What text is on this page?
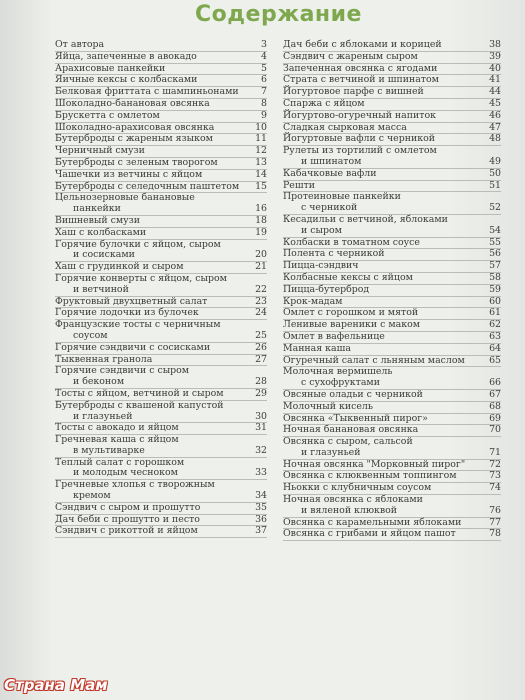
Содержание
От автора	3
Яйца, запеченные в авокадо	4
Арахисовые панкейки	5
Яичные кексы с колбасками	6
Белковая фриттата с шампиньонами	7
Шоколадно-банановая овсянка	8
Брускетта с омлетом	9
Шоколадно-арахисовая овсянка	10
Бутерброды с жареным языком	11
Черничный смузи	12
Бутерброды с зеленым творогом	13
Чашечки из ветчины с яйцом	14
Бутерброды с селедочным паштетом	15
Цельнозерновые банановые
панкейки	16
Вишневый смузи	18
Хаш с колбасками	19
Горячие булочки с яйцом, сыром
и сосисками	20
Хаш с грудинкой и сыром	21
Горячие конверты с яйцом, сыром
и ветчиной	22
Фруктовый двухцветный салат	23
Горячие лодочки из булочек	24
Французские тосты с черничным
соусом	25
Горячие сэндвичи с сосисками	26
Тыквенная гранола	27
Горячие сэндвичи с сыром
и беконом	28
Тосты с яйцом, ветчиной и сыром	29
Бутерброды с квашеной капустой
и глазуньей	30
Тосты с авокадо и яйцом	31
Гречневая каша с яйцом
в мультиварке	32
Теплый салат с горошком
и молодым чесноком	33
Гречневые хлопья с творожным
кремом	34
Сэндвич с сыром и прошутто	35
Дач беби с прошутто и песто	36
Сэндвич с рикоттой и яйцом	37
Дач беби с яблоками и корицей	38
Сэндвич с жареным сыром	39
Запеченная овсянка с ягодами	40
Страта с ветчиной и шпинатом	41
Йогуртовое парфе с вишней	44
Спаржа с яйцом	45
Йогуртово-огуречный напиток	46
Сладкая сырковая масса	47
Йогуртовые вафли с черникой	48
Рулеты из тортилий с омлетом
и шпинатом	49
Кабачковые вафли	50
Решти	51
Протеиновые панкейки
с черникой	52
Кесадильи с ветчиной, яблоками
и сыром	54
Колбаски в томатном соусе	55
Полента с черникой	56
Пицца-сэндвич	57
Колбасные кексы с яйцом	58
Пицца-бутерброд	59
Крок-мадам	60
Омлет с горошком и мятой	61
Ленивые вареники с маком	62
Омлет в вафельнице	63
Манная каша	64
Огуречный салат с льняным маслом	65
Молочная вермишель
с сухофруктами	66
Овсяные оладьи с черникой	67
Молочный кисель	68
Овсянка «Тыквенный пирог»	69
Ночная банановая овсянка	70
Овсянка с сыром, сальсой
и глазуньей	71
Ночная овсянка "Морковный пирог"	72
Овсянка с клюквенным топпингом	73
Ньокки с клубничным соусом	74
Ночная овсянка с яблоками
и вяленой клюквой	76
Овсянка с карамельными яблоками	77
Овсянка с грибами и яйцом пашот	78
Страна Мам
